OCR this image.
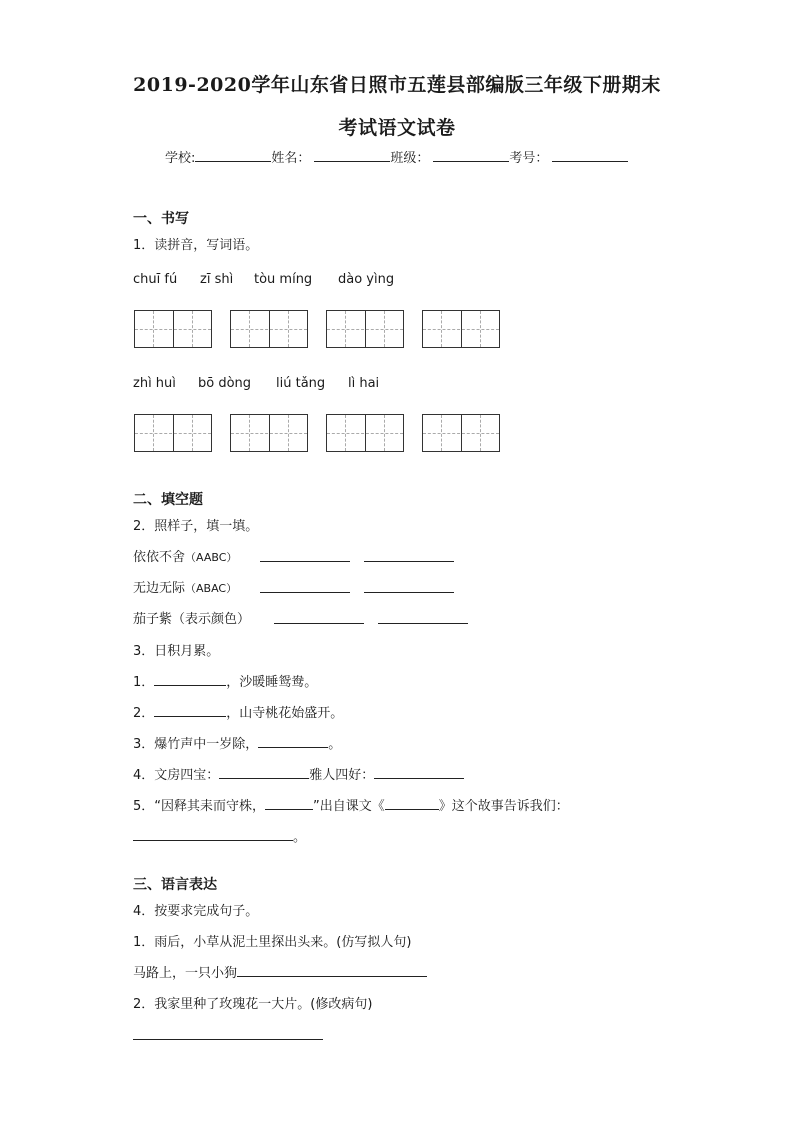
2019-2020学年山东省日照市五莲县部编版三年级下册期末
考试语文试卷
学校:	姓名：	班级：	考号：
一、书写
1．读拼音，写词语。
chuī fú zī shì tòu míng dào yìng
zhì huì bō dòng liú tǎng lì hai
二、填空题
2．照样子，填一填。
依依不舍（AABC）
无边无际（ABAC）
茄子紫（表示颜色）
3．日积月累。
1．	，沙暖睡鸳鸯。
2．	，山寺桃花始盛开。
3．爆竹声中一岁除，	。
4．文房四宝：	雅人四好：
5．“因释其耒而守株，	”出自课文《	》这个故事告诉我们：
。
三、语言表达
4．按要求完成句子。
1．雨后，小草从泥土里探出头来。(仿写拟人句)
马路上，一只小狗
2．我家里种了玫瑰花一大片。(修改病句)
